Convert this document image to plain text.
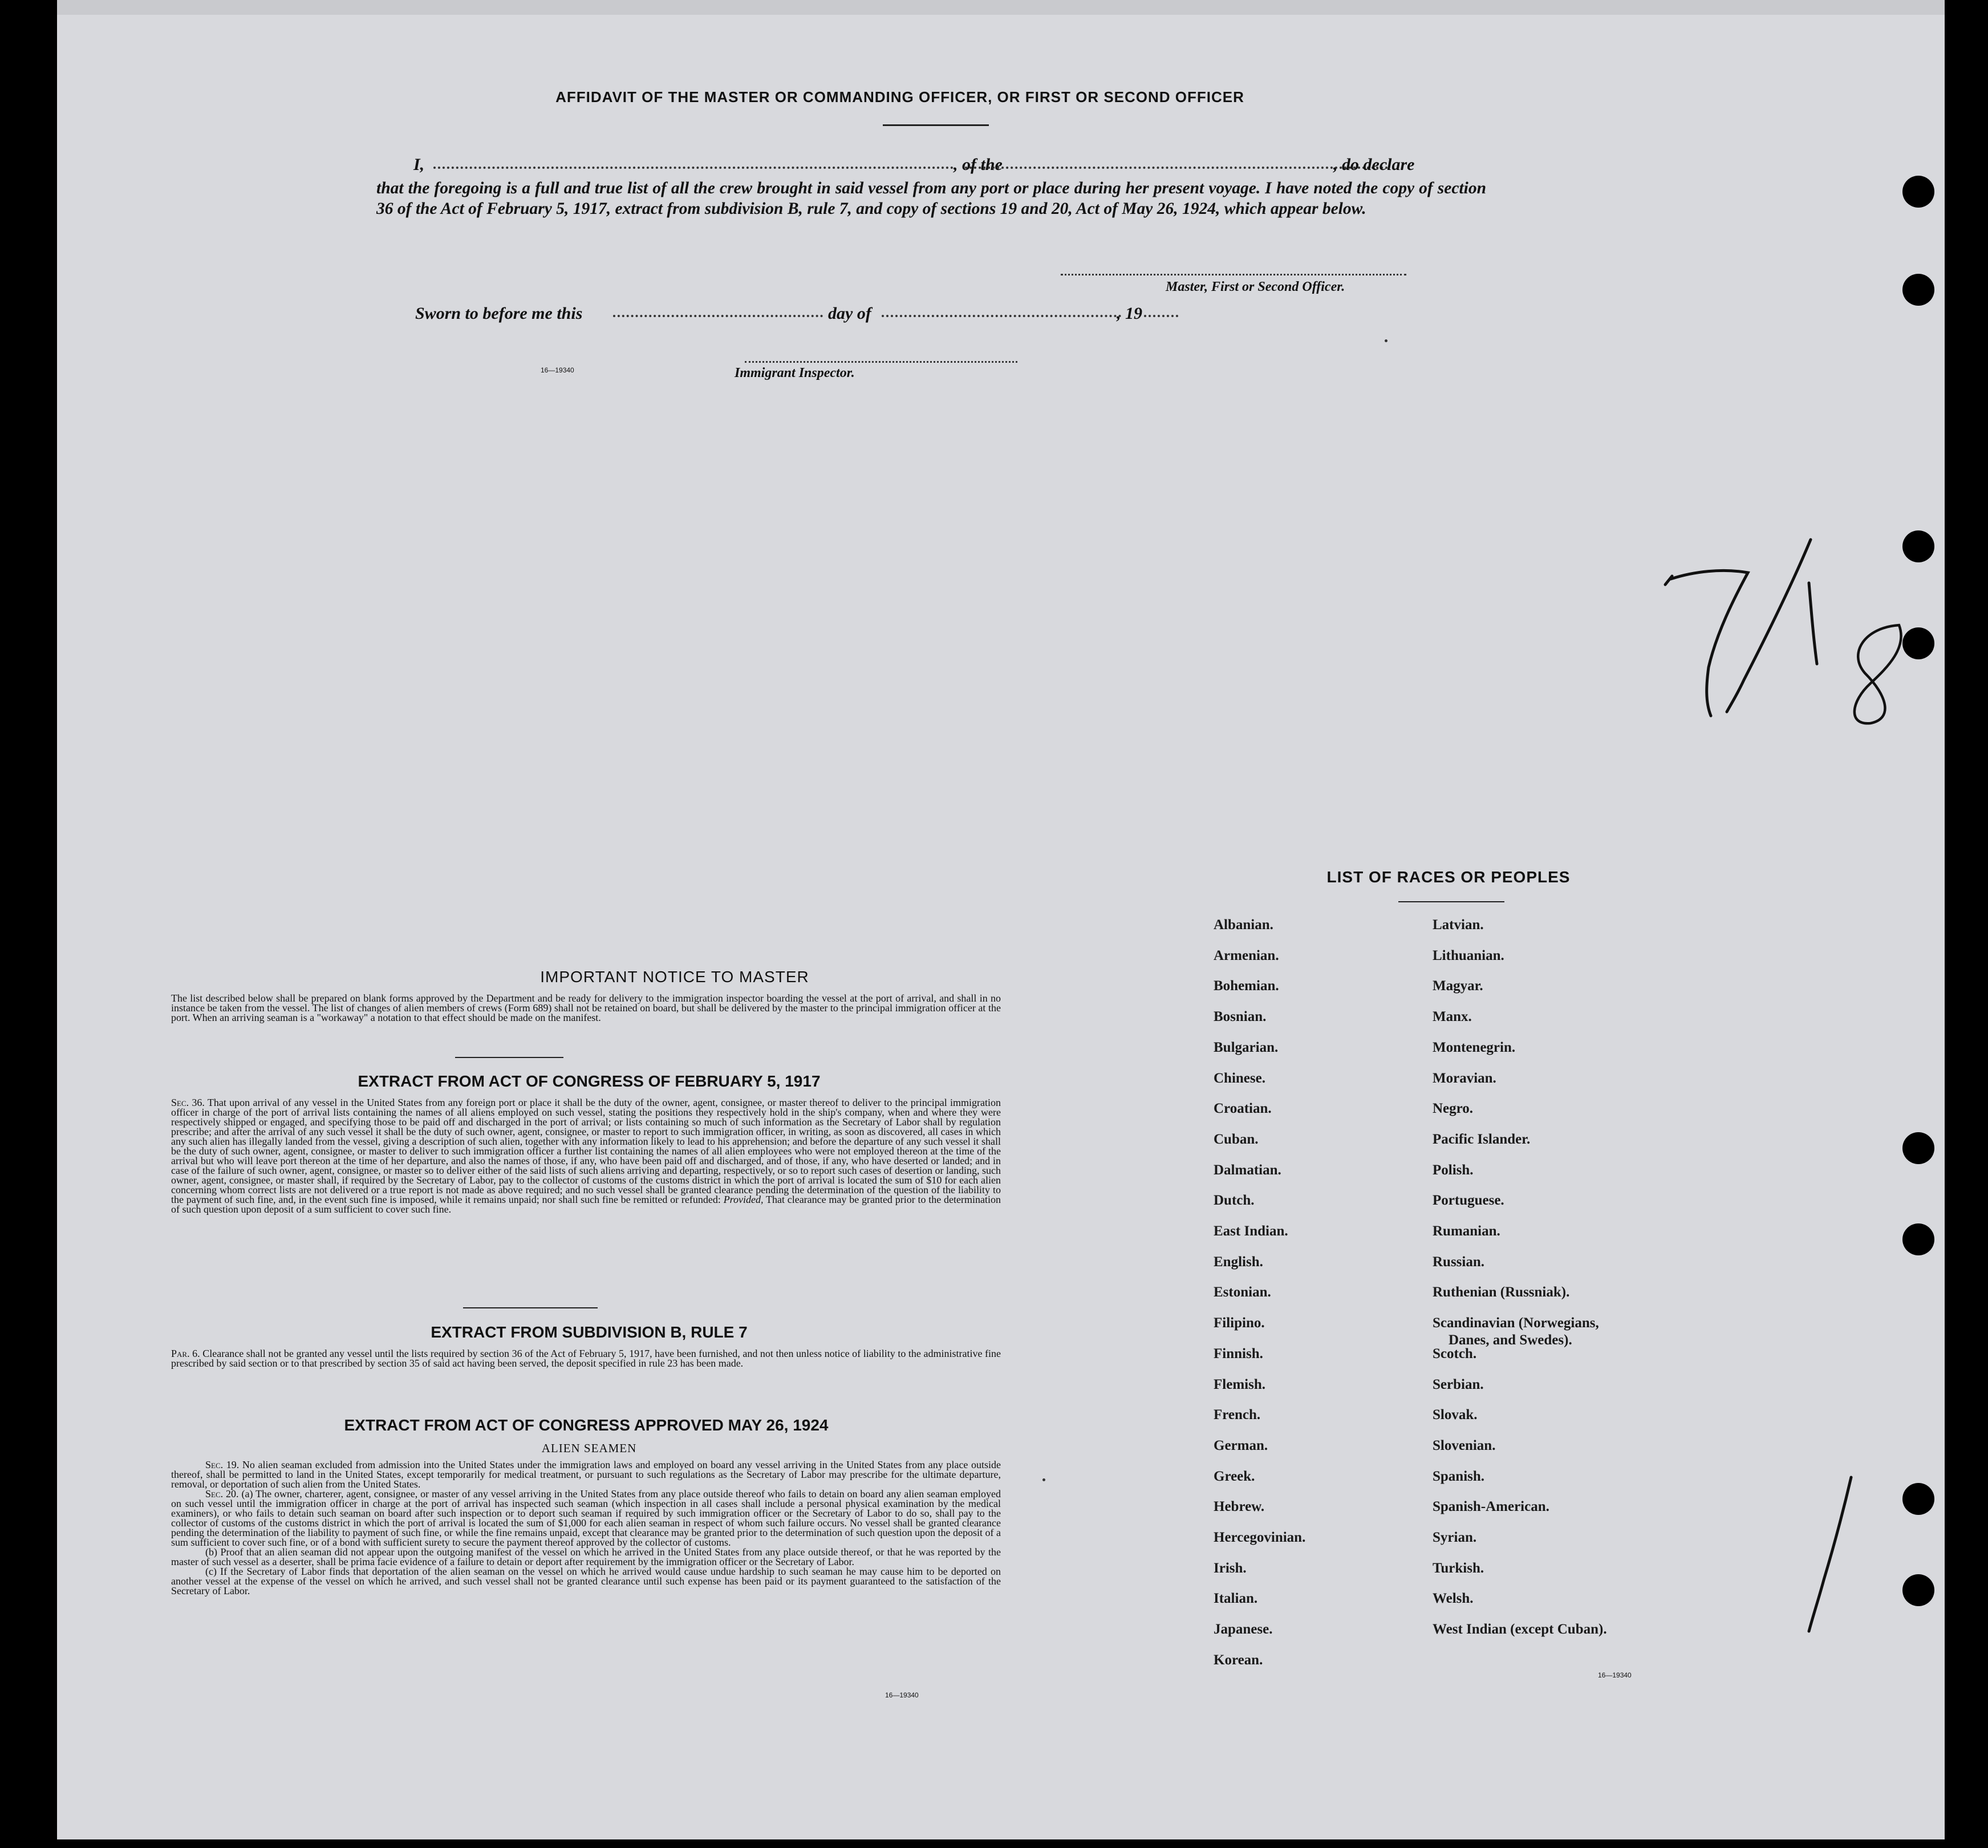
AFFIDAVIT OF THE MASTER OR COMMANDING OFFICER, OR FIRST OR SECOND OFFICER
I,	, of the	, do declare
that the foregoing is a full and true list of all the crew brought in said vessel from any port or place during her present voyage. I have noted the copy of section 36 of the Act of February 5, 1917, extract from subdivision B, rule 7, and copy of sections 19 and 20, Act of May 26, 1924, which appear below.
Master, First or Second Officer.
Sworn to before me this	day of	, 19
16—19340	Immigrant Inspector.
IMPORTANT NOTICE TO MASTER
The list described below shall be prepared on blank forms approved by the Department and be ready for delivery to the immigration inspector boarding the vessel at the port of arrival, and shall in no instance be taken from the vessel. The list of changes of alien members of crews (Form 689) shall not be retained on board, but shall be delivered by the master to the principal immigration officer at the port. When an arriving seaman is a "workaway" a notation to that effect should be made on the manifest.
EXTRACT FROM ACT OF CONGRESS OF FEBRUARY 5, 1917
Sec. 36. That upon arrival of any vessel in the United States from any foreign port or place it shall be the duty of the owner, agent, consignee, or master thereof to deliver to the principal immigration officer in charge of the port of arrival lists containing the names of all aliens employed on such vessel, stating the positions they respectively hold in the ship's company, when and where they were respectively shipped or engaged, and specifying those to be paid off and discharged in the port of arrival; or lists containing so much of such information as the Secretary of Labor shall by regulation prescribe; and after the arrival of any such vessel it shall be the duty of such owner, agent, consignee, or master to report to such immigration officer, in writing, as soon as discovered, all cases in which any such alien has illegally landed from the vessel, giving a description of such alien, together with any information likely to lead to his apprehension; and before the departure of any such vessel it shall be the duty of such owner, agent, consignee, or master to deliver to such immigration officer a further list containing the names of all alien employees who were not employed thereon at the time of the arrival but who will leave port thereon at the time of her departure, and also the names of those, if any, who have been paid off and discharged, and of those, if any, who have deserted or landed; and in case of the failure of such owner, agent, consignee, or master so to deliver either of the said lists of such aliens arriving and departing, respectively, or so to report such cases of desertion or landing, such owner, agent, consignee, or master shall, if required by the Secretary of Labor, pay to the collector of customs of the customs district in which the port of arrival is located the sum of $10 for each alien concerning whom correct lists are not delivered or a true report is not made as above required; and no such vessel shall be granted clearance pending the determination of the question of the liability to the payment of such fine, and, in the event such fine is imposed, while it remains unpaid; nor shall such fine be remitted or refunded: Provided, That clearance may be granted prior to the determination of such question upon deposit of a sum sufficient to cover such fine.
EXTRACT FROM SUBDIVISION B, RULE 7
Par. 6. Clearance shall not be granted any vessel until the lists required by section 36 of the Act of February 5, 1917, have been furnished, and not then unless notice of liability to the administrative fine prescribed by said section or to that prescribed by section 35 of said act having been served, the deposit specified in rule 23 has been made.
EXTRACT FROM ACT OF CONGRESS APPROVED MAY 26, 1924
ALIEN SEAMEN
Sec. 19. No alien seaman excluded from admission into the United States under the immigration laws and employed on board any vessel arriving in the United States from any place outside thereof, shall be permitted to land in the United States, except temporarily for medical treatment, or pursuant to such regulations as the Secretary of Labor may prescribe for the ultimate departure, removal, or deportation of such alien from the United States.
Sec. 20. (a) The owner, charterer, agent, consignee, or master of any vessel arriving in the United States from any place outside thereof who fails to detain on board any alien seaman employed on such vessel until the immigration officer in charge at the port of arrival has inspected such seaman (which inspection in all cases shall include a personal physical examination by the medical examiners), or who fails to detain such seaman on board after such inspection or to deport such seaman if required by such immigration officer or the Secretary of Labor to do so, shall pay to the collector of customs of the customs district in which the port of arrival is located the sum of $1,000 for each alien seaman in respect of whom such failure occurs. No vessel shall be granted clearance pending the determination of the liability to payment of such fine, or while the fine remains unpaid, except that clearance may be granted prior to the determination of such question upon the deposit of a sum sufficient to cover such fine, or of a bond with sufficient surety to secure the payment thereof approved by the collector of customs.
(b) Proof that an alien seaman did not appear upon the outgoing manifest of the vessel on which he arrived in the United States from any place outside thereof, or that he was reported by the master of such vessel as a deserter, shall be prima facie evidence of a failure to detain or deport after requirement by the immigration officer or the Secretary of Labor.
(c) If the Secretary of Labor finds that deportation of the alien seaman on the vessel on which he arrived would cause undue hardship to such seaman he may cause him to be deported on another vessel at the expense of the vessel on which he arrived, and such vessel shall not be granted clearance until such expense has been paid or its payment guaranteed to the satisfaction of the Secretary of Labor.
16—19340
LIST OF RACES OR PEOPLES
Albanian.
Armenian.
Bohemian.
Bosnian.
Bulgarian.
Chinese.
Croatian.
Cuban.
Dalmatian.
Dutch.
East Indian.
English.
Estonian.
Filipino.
Finnish.
Flemish.
French.
German.
Greek.
Hebrew.
Hercegovinian.
Irish.
Italian.
Japanese.
Korean.
Latvian.
Lithuanian.
Magyar.
Manx.
Montenegrin.
Moravian.
Negro.
Pacific Islander.
Polish.
Portuguese.
Rumanian.
Russian.
Ruthenian (Russniak).
Scandinavian (Norwegians,
Danes, and Swedes).
Scotch.
Serbian.
Slovak.
Slovenian.
Spanish.
Spanish-American.
Syrian.
Turkish.
Welsh.
West Indian (except Cuban).
16—19340
